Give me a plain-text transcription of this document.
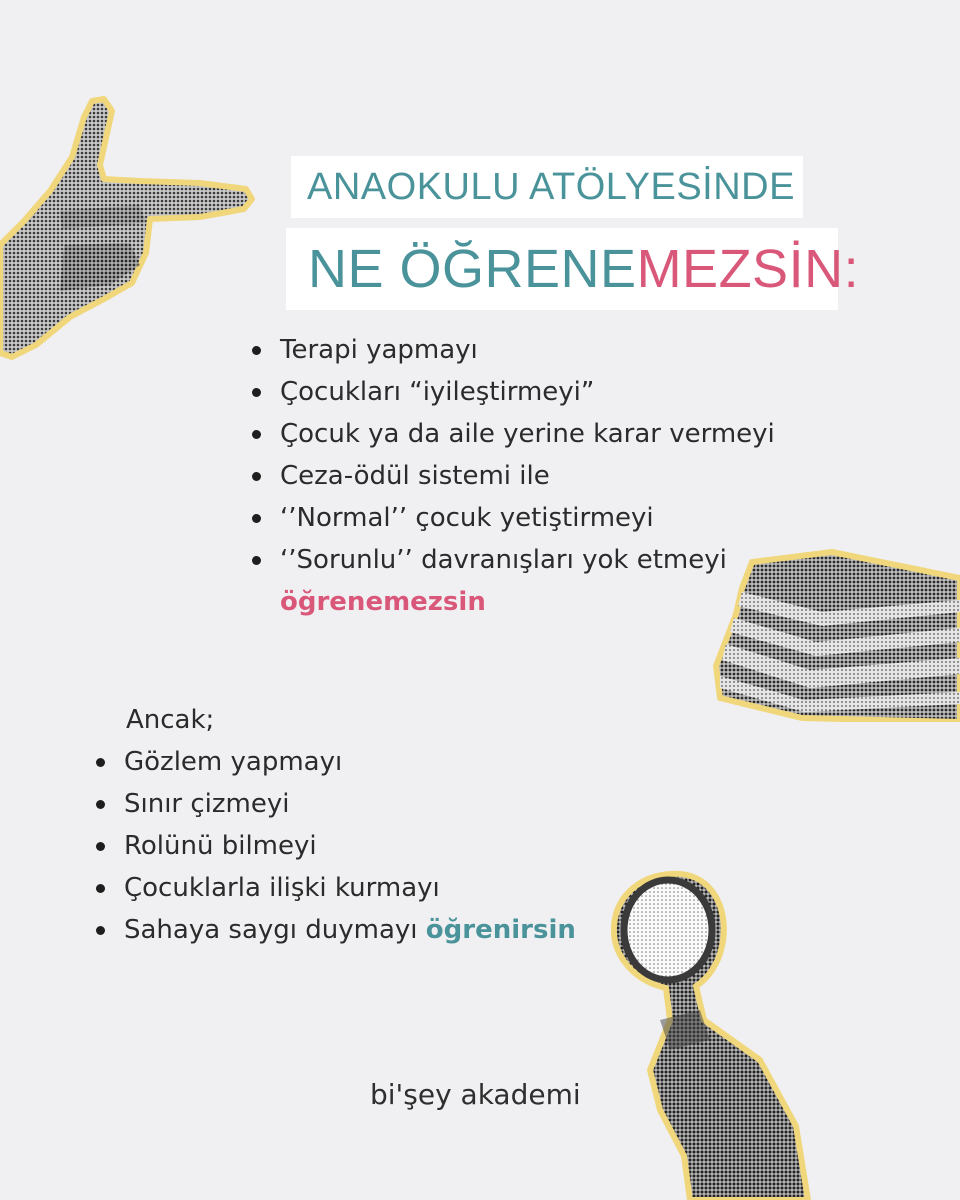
ANAOKULU ATÖLYESİNDE
NE ÖĞRENEMEZSİN:
Terapi yapmayı
Çocukları “iyileştirmeyi”
Çocuk ya da aile yerine karar vermeyi
Ceza-ödül sistemi ile
‘’Normal’’ çocuk yetiştirmeyi
‘’Sorunlu’’ davranışları yok etmeyi
öğrenemezsin
Ancak;
Gözlem yapmayı
Sınır çizmeyi
Rolünü bilmeyi
Çocuklarla ilişki kurmayı
Sahaya saygı duymayı öğrenirsin
bi'şey akademi
